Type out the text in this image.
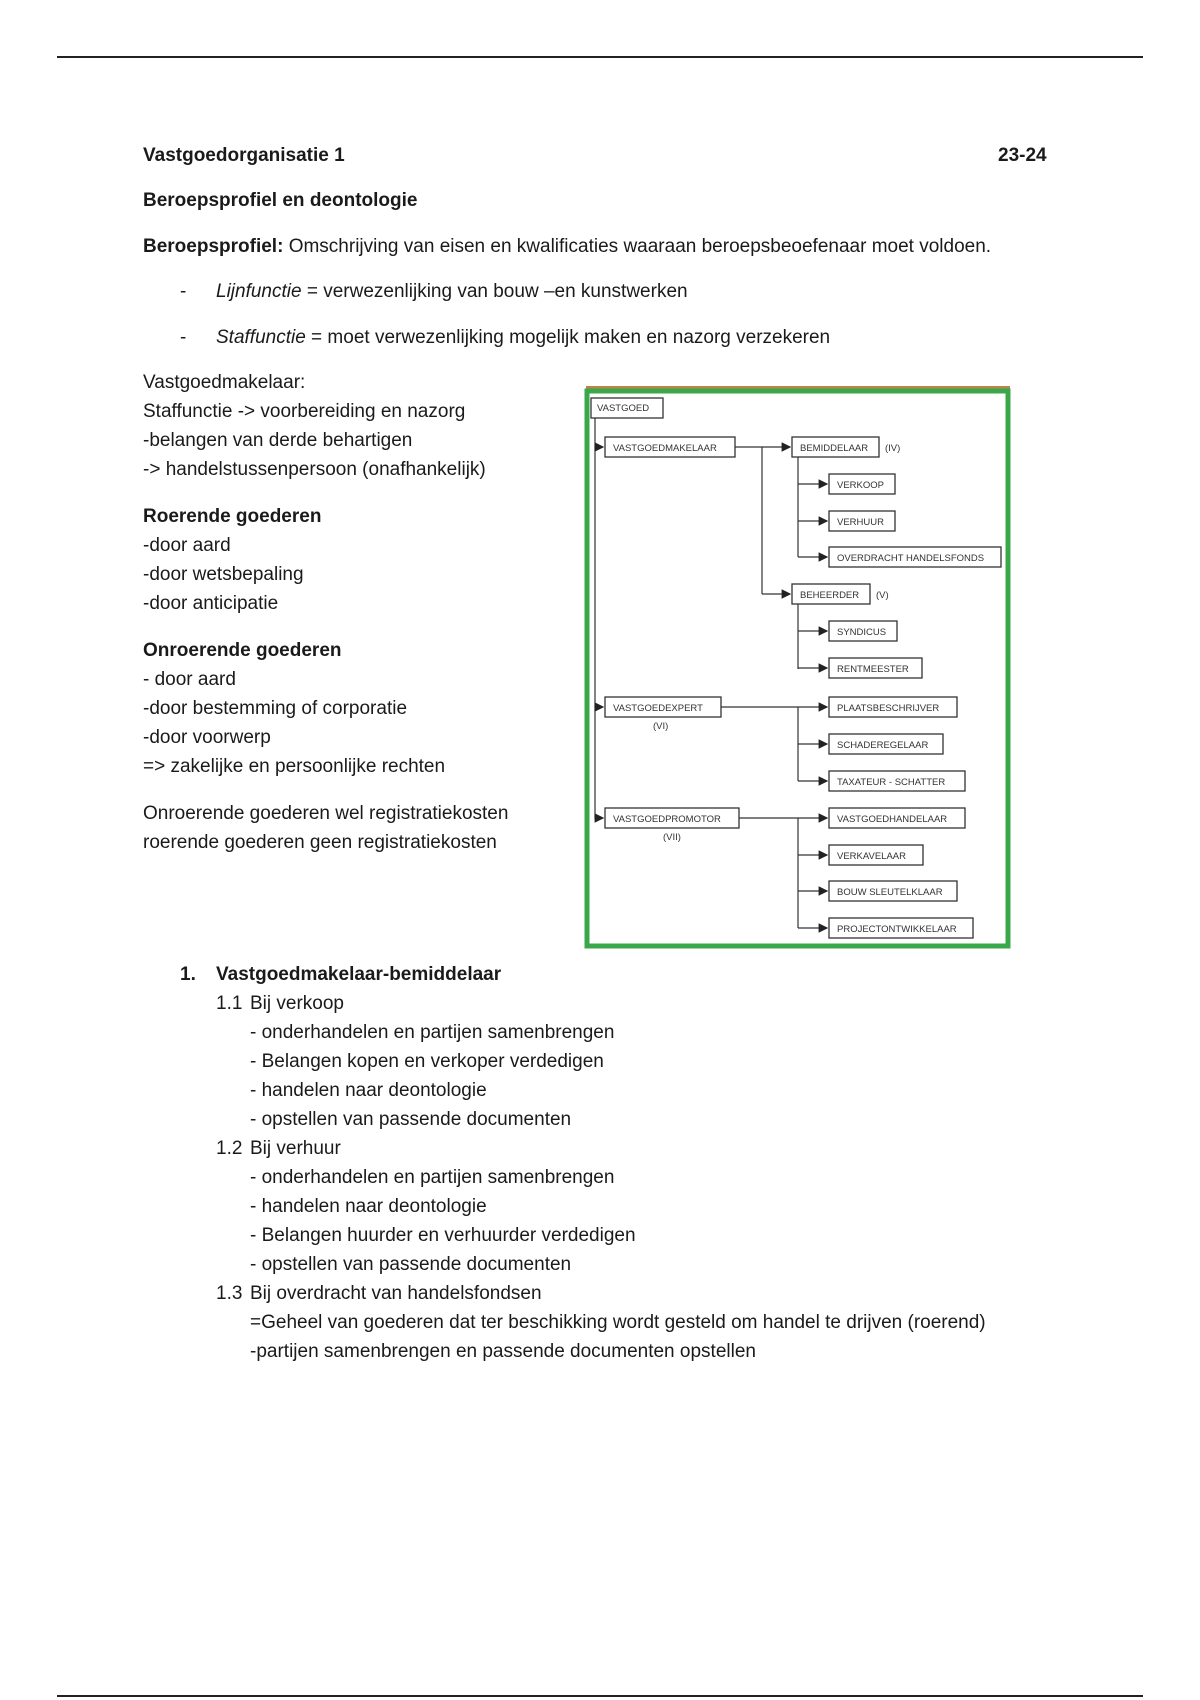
Vastgoedorganisatie 1	23-24
Beroepsprofiel en deontologie
Beroepsprofiel: Omschrijving van eisen en kwalificaties waaraan beroepsbeoefenaar moet voldoen.
- Lijnfunctie = verwezenlijking van bouw –en kunstwerken
- Staffunctie = moet verwezenlijking mogelijk maken en nazorg verzekeren
Vastgoedmakelaar:
Staffunctie -> voorbereiding en nazorg
-belangen van derde behartigen
-> handelstussenpersoon (onafhankelijk)
Roerende goederen
-door aard
-door wetsbepaling
-door anticipatie
Onroerende goederen
- door aard
-door bestemming of corporatie
-door voorwerp
=> zakelijke en persoonlijke rechten
Onroerende goederen wel registratiekosten
roerende goederen geen registratiekosten
VASTGOED
VASTGOEDMAKELAAR	BEMIDDELAAR (IV)
VERKOOP
VERHUUR
OVERDRACHT HANDELSFONDS
BEHEERDER (V)
SYNDICUS
RENTMEESTER
VASTGOEDEXPERT
(VI)
PLAATSBESCHRIJVER
SCHADEREGELAAR
TAXATEUR - SCHATTER
VASTGOEDPROMOTOR
(VII)
VASTGOEDHANDELAAR
VERKAVELAAR
BOUW SLEUTELKLAAR
PROJECTONTWIKKELAAR
1. Vastgoedmakelaar-bemiddelaar
1.1 Bij verkoop
- onderhandelen en partijen samenbrengen
- Belangen kopen en verkoper verdedigen
- handelen naar deontologie
- opstellen van passende documenten
1.2 Bij verhuur
- onderhandelen en partijen samenbrengen
- handelen naar deontologie
- Belangen huurder en verhuurder verdedigen
- opstellen van passende documenten
1.3 Bij overdracht van handelsfondsen
=Geheel van goederen dat ter beschikking wordt gesteld om handel te drijven (roerend)
-partijen samenbrengen en passende documenten opstellen
